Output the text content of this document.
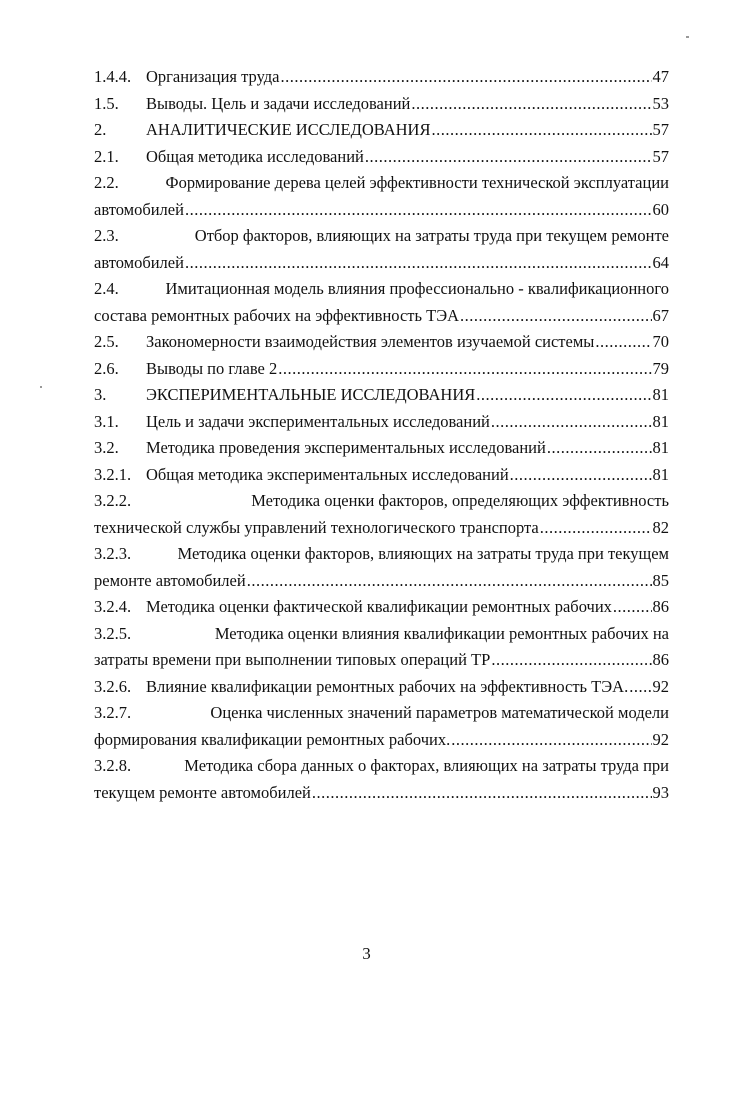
1.4.4. Организация труда .....	47
1.5.	Выводы. Цель и задачи исследований .....	53
2.	АНАЛИТИЧЕСКИЕ ИССЛЕДОВАНИЯ .....	57
2.1.	Общая методика исследований .....	57
2.2.	Формирование дерева целей эффективности технической эксплуатации
автомобилей .....	60
2.3.	Отбор факторов, влияющих на затраты труда при текущем ремонте
автомобилей .....	64
2.4.	Имитационная модель влияния профессионально - квалификационного
состава ремонтных рабочих на эффективность ТЭА .....	67
2.5.	Закономерности взаимодействия элементов изучаемой системы .....	70
2.6.	Выводы по главе 2 .....	79
3.	ЭКСПЕРИМЕНТАЛЬНЫЕ ИССЛЕДОВАНИЯ .....	81
3.1.	Цель и задачи экспериментальных исследований .....	81
3.2.	Методика проведения экспериментальных исследований .....	81
3.2.1. Общая методика экспериментальных исследований .....	81
3.2.2.	Методика оценки факторов, определяющих эффективность
технической службы управлений технологического транспорта .....	82
3.2.3.	Методика оценки факторов, влияющих на затраты труда при текущем
ремонте автомобилей .....	85
3.2.4. Методика оценки фактической квалификации ремонтных рабочих ..... 86
3.2.5.	Методика оценки влияния квалификации ремонтных рабочих на
затраты времени при выполнении типовых операций ТР .....	86
3.2.6. Влияние квалификации ремонтных рабочих на эффективность ТЭА. ..... 92
3.2.7.	Оценка численных значений параметров математической модели
формирования квалификации ремонтных рабочих. .....	92
3.2.8.	Методика сбора данных о факторах, влияющих на затраты труда при
текущем ремонте автомобилей .....	93
3
